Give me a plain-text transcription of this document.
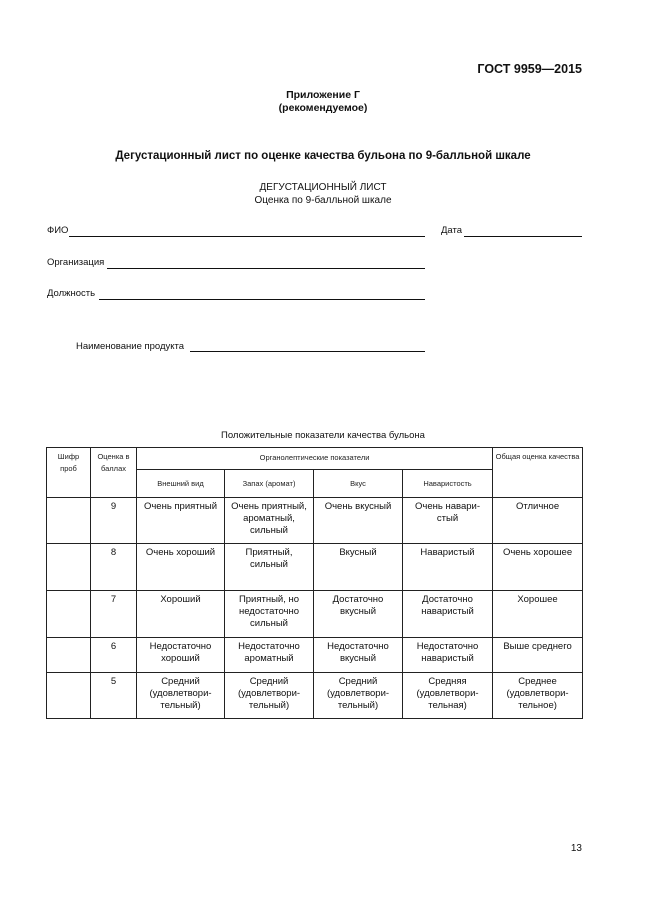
ГОСТ 9959—2015
Приложение Г
(рекомендуемое)
Дегустационный лист по оценке качества бульона по 9-балльной шкале
ДЕГУСТАЦИОННЫЙ ЛИСТ
Оценка по 9-балльной шкале
ФИО	Дата
Организация
Должность
Наименование продукта
Положительные показатели качества бульона
Шифр проб	Оценка в баллах	Органолептические показатели				Общая оценка качества
		Внешний вид	Запах (аромат)	Вкус	Наваристость	
	9	Очень приятный	Очень приятный, ароматный, сильный	Очень вкусный	Очень навари-стый	Отличное
	8	Очень хороший	Приятный, сильный	Вкусный	Наваристый	Очень хорошее
	7	Хороший	Приятный, но недостаточно сильный	Достаточно вкусный	Достаточно наваристый	Хорошее
	6	Недостаточно хороший	Недостаточно ароматный	Недостаточно вкусный	Недостаточно наваристый	Выше среднего
	5	Средний (удовлетвори-тельный)	Средний (удовлетвори-тельный)	Средний (удовлетвори-тельный)	Средняя (удовлетвори-тельная)	Среднее (удовлетвори-тельное)
13
